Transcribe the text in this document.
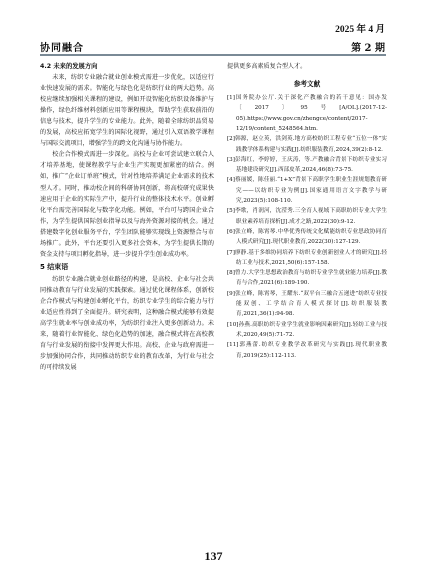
2025 年 4 月
协同融合	第 2 期
4.2 未来的发展方向

未来，纺织专业融合就业创业模式需进一步优化，以适应行业快速发展的需求。智能化与绿色化是纺织行业的两大趋势。高校应继续加强相关课程的建设，例如开设智能化纺织设备维护与操作，绿色纤维材料创新应用等课程模块，帮助学生获取前沿的信息与技术，提升学生的专业能力。此外，随着全球纺织品贸易的发展，高校应拓宽学生的国际化视野，通过引入双语教学课程与国际交流项目，增强学生的跨文化沟通与协作能力。

校企合作模式需进一步深化。高校与企业可尝试建立联合人才培养基地，使课程教学与企业生产实现更加紧密的结合。例如，推广“企业订单班”模式，针对性地培养满足企业需求的技术型人才。同时，推动校企间的科研协同创新，将高校研究成果快速应用于企业的实际生产中，提升行业的整体技术水平。创业孵化平台需完善国际化与数字化功能。例如，平台可与跨国企业合作，为学生提供国际创业指导以及与海外资源对接的机会。通过搭建数字化创业服务平台，学生团队能够实现线上资源整合与市场推广。此外，平台还要引入更多社会资本，为学生提供长期的资金支持与项目孵化指导，进一步提升学生创业成功率。

5 结束语

纺织专业融合就业创业路径的构建，是高校、企业与社会共同推动教育与行业发展的实践探索。通过优化课程体系，创新校企合作模式与构建创业孵化平台，纺织专业学生的综合能力与行业适应性得到了全面提升。研究表明，这种融合模式能够有效提高学生就业率与创业成功率，为纺织行业注入更多创新动力。未来，随着行业智能化、绿色化趋势的加速，融合模式将在高校教育与行业发展的衔接中发挥更大作用。高校、企业与政府需进一步加强协同合作，共同推动纺织专业的教育改革，为行业与社会的可持续发展

提供更多高素质复合型人才。

参考文献

[1]国务院办公厅.关于深化产教融合的若干意见：国办发〔2017〕95号[A/OL].(2017-12-05).https://www.gov.cn/zhengce/content/2017-12/19/content_5248564.htm.

[2]韩源，赵立英，洪剑英.地方高校纺织工程专业“五位一体”实践教学体系构建与实践[J].纺织服装教育,2024,39(2):8-12.

[3]彭海红，李婷婷，王庆涛，等.产教融合背景下纺织专业实习基地建设研究[J].西部皮革,2024,46(8):73-75.

[4]蔡丽媛，陈佳丽.“1+X”背景下高职学生职业生涯规划教育研究——以纺织专业为例[J].国家通用语言文字教学与研究,2023(5):108-110.

[5]李歌，肖润河，沈滢秀.三全育人视域下高职纺织专业大学生职业素养培育探析[J].成才之路,2022(30):9-12.

[6]张立峰，陈霄琴.中华优秀传统文化赋能纺织专业思政协同育人模式研究[J].现代职业教育,2022(30):127-129.

[7]廖静.基于多维协同培养下纺织专业创新创业人才的研究[J].轻纺工业与技术,2021,50(6):157-158.

[8]曾力.大学生思想政治教育与纺织专业学生就业能力培养[J].教育与合作,2021(6):189-190.

[9]张立峰，陈霄琴，王耀东.“双平台三融合五递进”纺织专业技能双创、工学结合育人模式探讨[J].纺织服装教育,2021,36(1):94-98.

[10]孙燕.高职纺织专业学生就业影响因素研究[J].轻纺工业与技术,2020,49(5):71-72.

[11]郭燕蕾.纺织专业教学改革研究与实践[J].现代职业教育,2019(25):112-113.

137
